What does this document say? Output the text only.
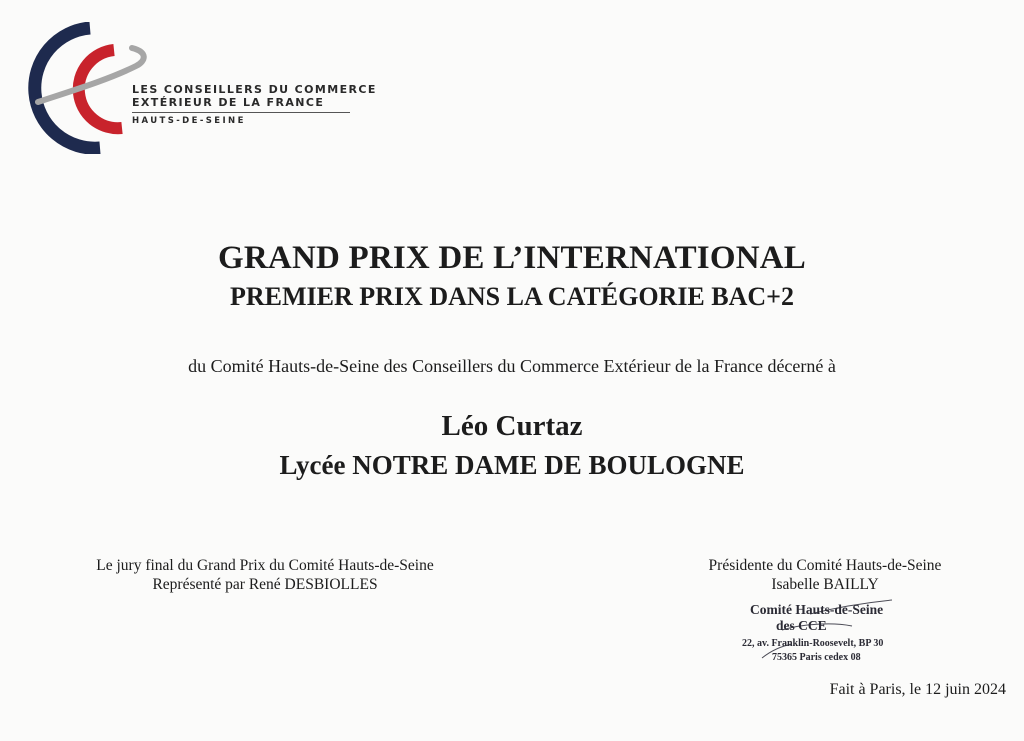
LES CONSEILLERS DU COMMERCE
EXTÉRIEUR DE LA FRANCE
HAUTS-DE-SEINE
GRAND PRIX DE L’INTERNATIONAL
PREMIER PRIX DANS LA CATÉGORIE BAC+2
du Comité Hauts-de-Seine des Conseillers du Commerce Extérieur de la France décerné à
Léo Curtaz
Lycée NOTRE DAME DE BOULOGNE
Le jury final du Grand Prix du Comité Hauts-de-Seine
Représenté par René DESBIOLLES
Présidente du Comité Hauts-de-Seine
Isabelle BAILLY
Comité Hauts-de-Seine
des CCE
22, av. Franklin-Roosevelt, BP 30
75365 Paris cedex 08
Fait à Paris, le 12 juin 2024
